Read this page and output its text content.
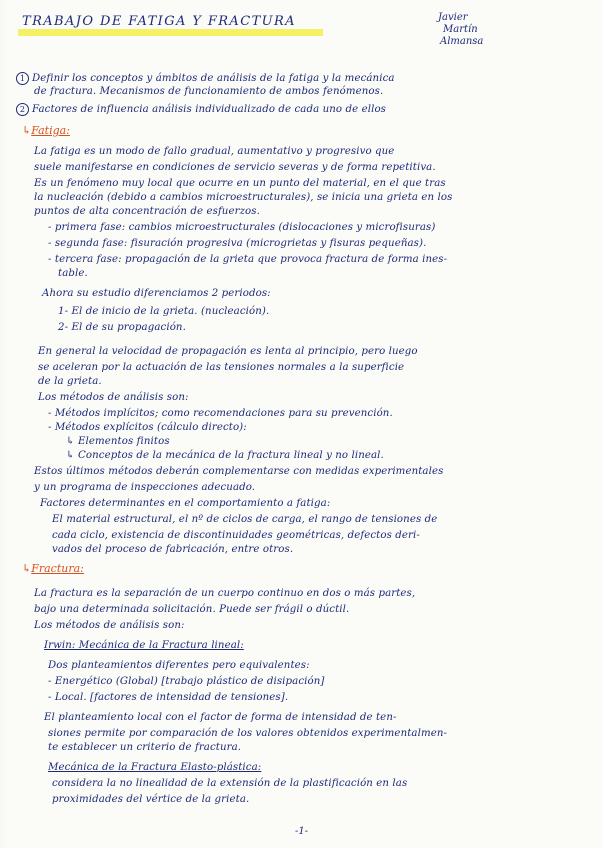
TRABAJO DE FATIGA Y FRACTURA	Javier
Martín
Almansa
1 Definir los conceptos y ámbitos de análisis de la fatiga y la mecánica
de fractura. Mecanismos de funcionamiento de ambos fenómenos.
2 Factores de influencia análisis individualizado de cada uno de ellos
↳Fatiga:
La fatiga es un modo de fallo gradual, aumentativo y progresivo que
suele manifestarse en condiciones de servicio severas y de forma repetitiva.
Es un fenómeno muy local que ocurre en un punto del material, en el que tras
la nucleación (debido a cambios microestructurales), se inicia una grieta en los
puntos de alta concentración de esfuerzos.
- primera fase: cambios microestructurales (dislocaciones y microfisuras)
- segunda fase: fisuración progresiva (microgrietas y fisuras pequeñas).
- tercera fase: propagación de la grieta que provoca fractura de forma ines-
table.
Ahora su estudio diferenciamos 2 periodos:
1- El de inicio de la grieta. (nucleación).
2- El de su propagación.
En general la velocidad de propagación es lenta al principio, pero luego
se aceleran por la actuación de las tensiones normales a la superficie
de la grieta.
Los métodos de análisis son:
- Métodos implícitos; como recomendaciones para su prevención.
- Métodos explícitos (cálculo directo):
↳ Elementos finitos
↳ Conceptos de la mecánica de la fractura lineal y no lineal.
Estos últimos métodos deberán complementarse con medidas experimentales
y un programa de inspecciones adecuado.
Factores determinantes en el comportamiento a fatiga:
El material estructural, el nº de ciclos de carga, el rango de tensiones de
cada ciclo, existencia de discontinuidades geométricas, defectos deri-
vados del proceso de fabricación, entre otros.
↳Fractura:
La fractura es la separación de un cuerpo continuo en dos o más partes,
bajo una determinada solicitación. Puede ser frágil o dúctil.
Los métodos de análisis son:
Irwin: Mecánica de la Fractura lineal:
Dos planteamientos diferentes pero equivalentes:
- Energético (Global) [trabajo plástico de disipación]
- Local. [factores de intensidad de tensiones].
El planteamiento local con el factor de forma de intensidad de ten-
siones permite por comparación de los valores obtenidos experimentalmen-
te establecer un criterio de fractura.
Mecánica de la Fractura Elasto-plástica:
considera la no linealidad de la extensión de la plastificación en las
proximidades del vértice de la grieta.
-1-
